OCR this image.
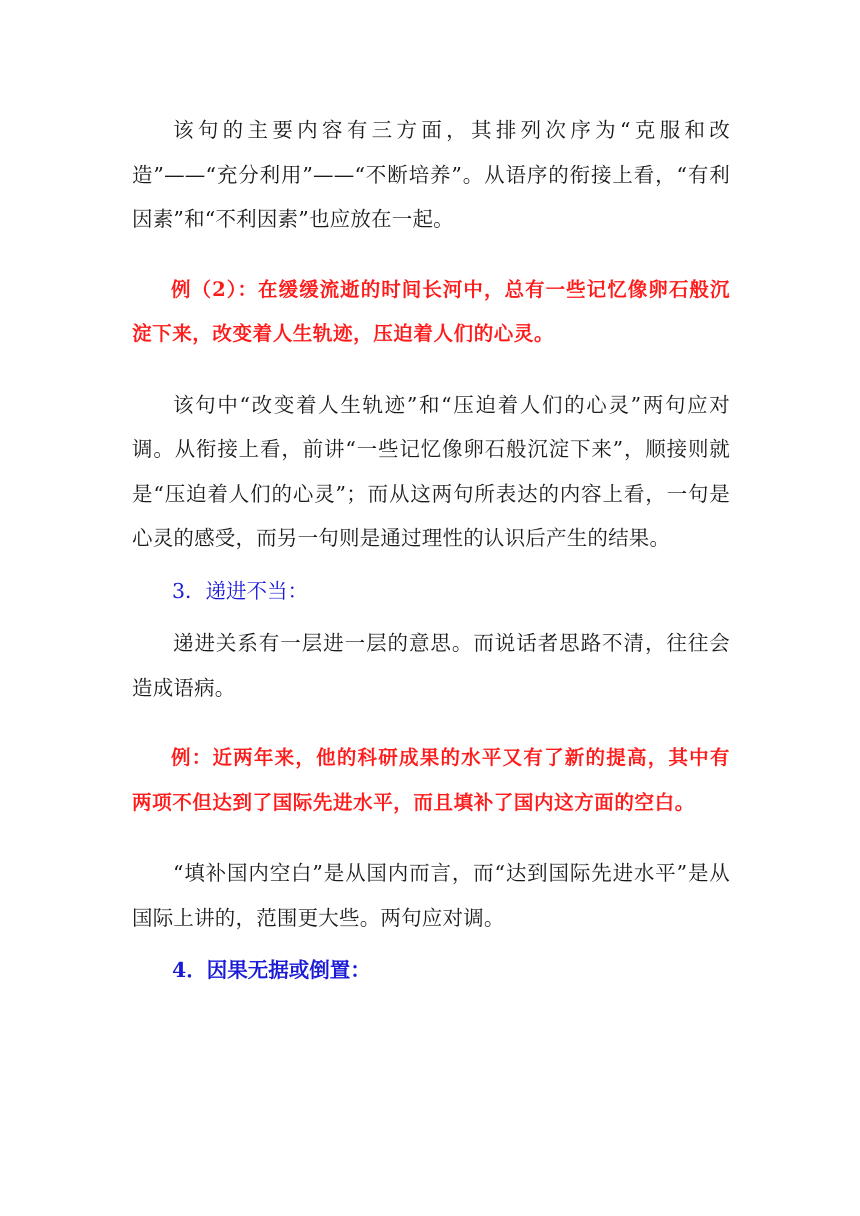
该句的主要内容有三方面，其排列次序为“克服和改造”——“充分利用”——“不断培养”。从语序的衔接上看，“有利因素”和“不利因素”也应放在一起。

例（2）：在缓缓流逝的时间长河中，总有一些记忆像卵石般沉淀下来，改变着人生轨迹，压迫着人们的心灵。

该句中“改变着人生轨迹”和“压迫着人们的心灵”两句应对调。从衔接上看，前讲“一些记忆像卵石般沉淀下来”，顺接则就是“压迫着人们的心灵”；而从这两句所表达的内容上看，一句是心灵的感受，而另一句则是通过理性的认识后产生的结果。

3．递进不当：

递进关系有一层进一层的意思。而说话者思路不清，往往会造成语病。

例：近两年来，他的科研成果的水平又有了新的提高，其中有两项不但达到了国际先进水平，而且填补了国内这方面的空白。

“填补国内空白”是从国内而言，而“达到国际先进水平”是从国际上讲的，范围更大些。两句应对调。

4．因果无据或倒置：
